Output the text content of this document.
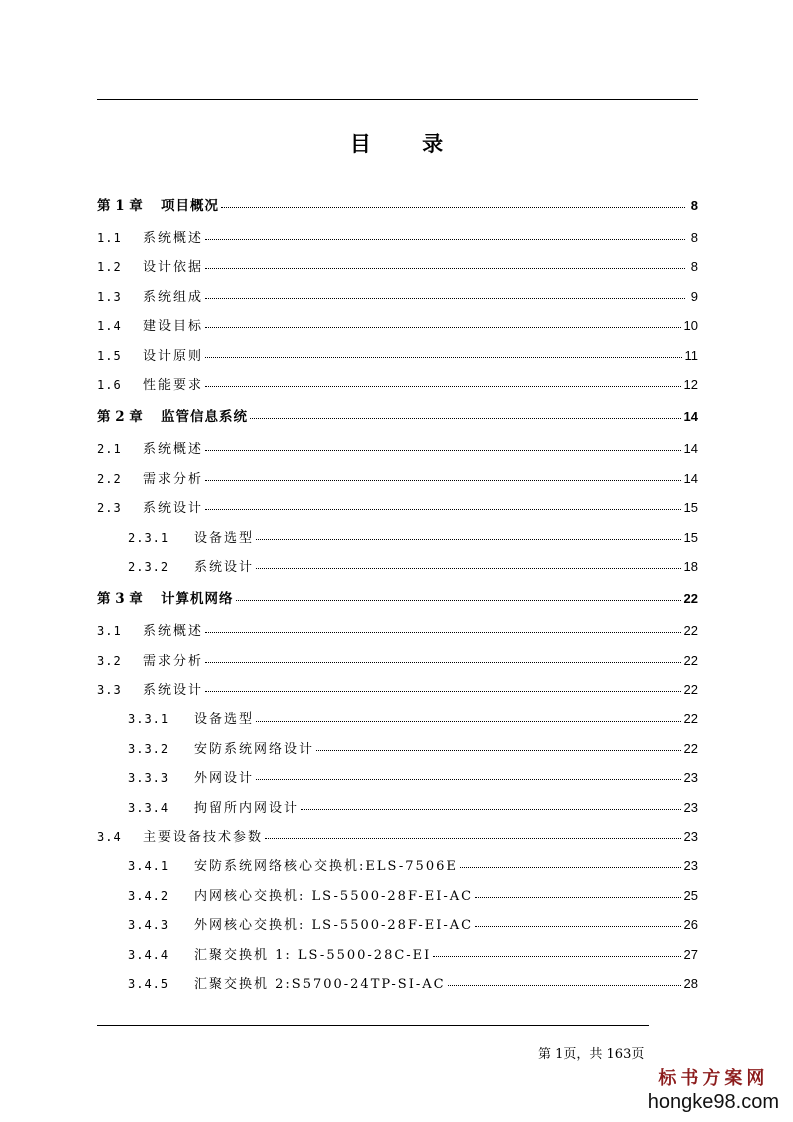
目 录
第 1 章	项目概况	8
1.1	系统概述	8
1.2	设计依据	8
1.3	系统组成	9
1.4	建设目标	10
1.5	设计原则	11
1.6	性能要求	12
第 2 章	监管信息系统	14
2.1	系统概述	14
2.2	需求分析	14
2.3	系统设计	15
2.3.1	设备选型	15
2.3.2	系统设计	18
第 3 章	计算机网络	22
3.1	系统概述	22
3.2	需求分析	22
3.3	系统设计	22
3.3.1	设备选型	22
3.3.2	安防系统网络设计	22
3.3.3	外网设计	23
3.3.4	拘留所内网设计	23
3.4	主要设备技术参数	23
3.4.1	安防系统网络核心交换机:ELS-7506E	23
3.4.2	内网核心交换机: LS-5500-28F-EI-AC	25
3.4.3	外网核心交换机: LS-5500-28F-EI-AC	26
3.4.4	汇聚交换机 1: LS-5500-28C-EI	27
3.4.5	汇聚交换机 2:S5700-24TP-SI-AC	28
第 1页，共 163页
标书方案网
hongke98.com
